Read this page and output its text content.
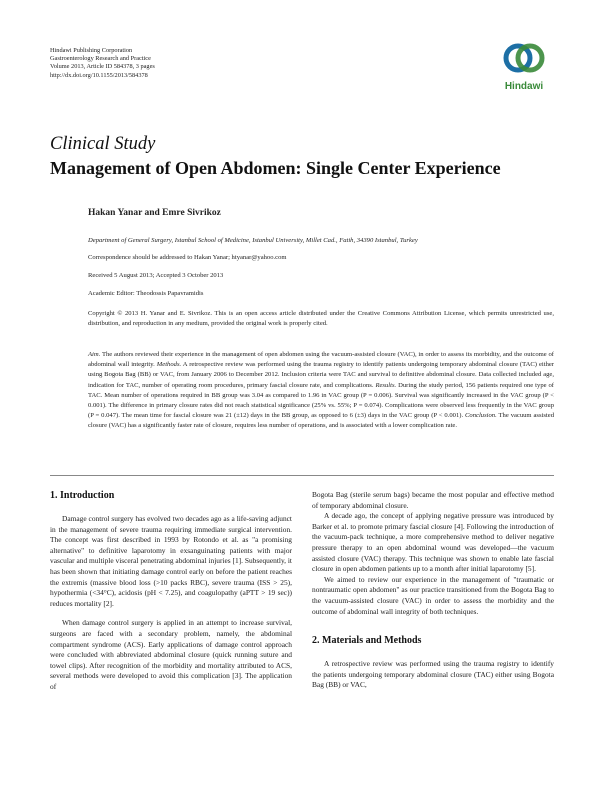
Hindawi Publishing Corporation
Gastroenterology Research and Practice
Volume 2013, Article ID 584378, 3 pages
http://dx.doi.org/10.1155/2013/584378
Hindawi
Clinical Study
Management of Open Abdomen: Single Center Experience
Hakan Yanar and Emre Sivrikoz
Department of General Surgery, Istanbul School of Medicine, Istanbul University, Millet Cad., Fatih, 34390 Istanbul, Turkey
Correspondence should be addressed to Hakan Yanar; htyanar@yahoo.com
Received 5 August 2013; Accepted 3 October 2013
Academic Editor: Theodossis Papavramidis
Copyright © 2013 H. Yanar and E. Sivrikoz. This is an open access article distributed under the Creative Commons Attribution License, which permits unrestricted use, distribution, and reproduction in any medium, provided the original work is properly cited.
Aim. The authors reviewed their experience in the management of open abdomen using the vacuum-assisted closure (VAC), in order to assess its morbidity, and the outcome of abdominal wall integrity. Methods. A retrospective review was performed using the trauma registry to identify patients undergoing temporary abdominal closure (TAC) either using Bogota Bag (BB) or VAC, from January 2006 to December 2012. Inclusion criteria were TAC and survival to definitive abdominal closure. Data collected included age, indication for TAC, number of operating room procedures, primary fascial closure rate, and complications. Results. During the study period, 156 patients required one type of TAC. Mean number of operations required in BB group was 3.04 as compared to 1.96 in VAC group (P = 0.006). Survival was significantly increased in the VAC group (P < 0.001). The difference in primary closure rates did not reach statistical significance (25% vs. 55%; P = 0.074). Complications were observed less frequently in the VAC group (P = 0.047). The mean time for fascial closure was 21 (±12) days in the BB group, as opposed to 6 (±3) days in the VAC group (P < 0.001). Conclusion. The vacuum assisted closure (VAC) has a significantly faster rate of closure, requires less number of operations, and is associated with a lower complication rate.
1. Introduction

Damage control surgery has evolved two decades ago as a life-saving adjunct in the management of severe trauma requiring immediate surgical intervention. The concept was first described in 1993 by Rotondo et al. as "a promising alternative" to definitive laparotomy in exsanguinating patients with major vascular and multiple visceral penetrating abdominal injuries [1]. Subsequently, it has been shown that initiating damage control early on before the patient reaches the extremis (massive blood loss (>10 packs RBC), severe trauma (ISS > 25), hypothermia (<34°C), acidosis (pH < 7.25), and coagulopathy (aPTT > 19 sec)) reduces mortality [2].

When damage control surgery is applied in an attempt to increase survival, surgeons are faced with a secondary problem, namely, the abdominal compartment syndrome (ACS). Early applications of damage control approach were concluded with abbreviated abdominal closure (quick running suture and towel clips). After recognition of the morbidity and mortality attributed to ACS, several methods were developed to avoid this complication [3]. The application of

Bogota Bag (sterile serum bags) became the most popular and effective method of temporary abdominal closure.

A decade ago, the concept of applying negative pressure was introduced by Barker et al. to promote primary fascial closure [4]. Following the introduction of the vacuum-pack technique, a more comprehensive method to deliver negative pressure therapy to an open abdominal wound was developed—the vacuum assisted closure (VAC) therapy. This technique was shown to enable late fascial closure in open abdomen patients up to a month after initial laparotomy [5].

We aimed to review our experience in the management of "traumatic or nontraumatic open abdomen" as our practice transitioned from the Bogota Bag to the vacuum-assisted closure (VAC) in order to assess the morbidity and the outcome of abdominal wall integrity of both techniques.

2. Materials and Methods

A retrospective review was performed using the trauma registry to identify the patients undergoing temporary abdominal closure (TAC) either using Bogota Bag (BB) or VAC,
